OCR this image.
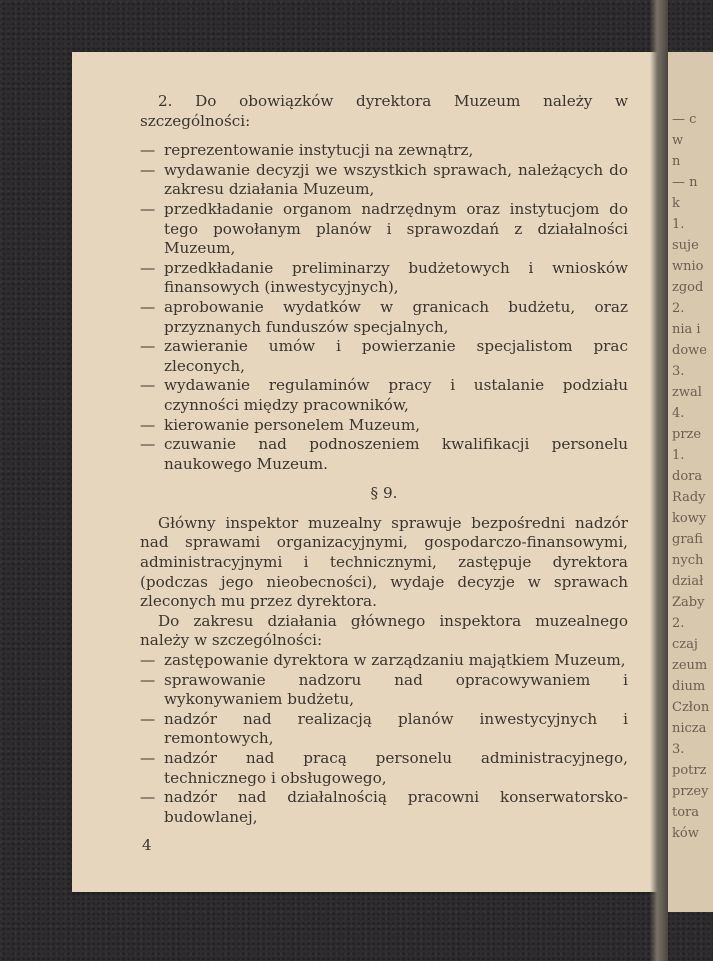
2. Do obowiązków dyrektora Muzeum należy w szczególności:

— reprezentowanie instytucji na zewnątrz,
— wydawanie decyzji we wszystkich sprawach, należących do zakresu działania Muzeum,
— przedkładanie organom nadrzędnym oraz instytucjom do tego powołanym planów i sprawozdań z działalności Muzeum,
— przedkładanie preliminarzy budżetowych i wniosków finansowych (inwestycyjnych),
— aprobowanie wydatków w granicach budżetu, oraz przyznanych funduszów specjalnych,
— zawieranie umów i powierzanie specjalistom prac zleconych,
— wydawanie regulaminów pracy i ustalanie podziału czynności między pracowników,
— kierowanie personelem Muzeum,
— czuwanie nad podnoszeniem kwalifikacji personelu naukowego Muzeum.
§ 9.

Główny inspektor muzealny sprawuje bezpośredni nadzór nad sprawami organizacyjnymi, gospodarczo-finansowymi, administracyjnymi i technicznymi, zastępuje dyrektora (podczas jego nieobecności), wydaje decyzje w sprawach zleconych mu przez dyrektora.

Do zakresu działania głównego inspektora muzealnego należy w szczególności:

— zastępowanie dyrektora w zarządzaniu majątkiem Muzeum,
— sprawowanie nadzoru nad opracowywaniem i wykonywaniem budżetu,
— nadzór nad realizacją planów inwestycyjnych i remontowych,
— nadzór nad pracą personelu administracyjnego, technicznego i obsługowego,
— nadzór nad działalnością pracowni konserwatorsko-budowlanej,
4
— c
w
n
— n
k
1.
suje
wnio
zgod
2.
nia i
dowe
3.
zwal
4.
prze
1.
dora
Rady
kowy
grafi
nych
dział
Zaby
2.
czaj
zeum
dium
Człon
nicza
3.
potrz
przey
tora
ków
